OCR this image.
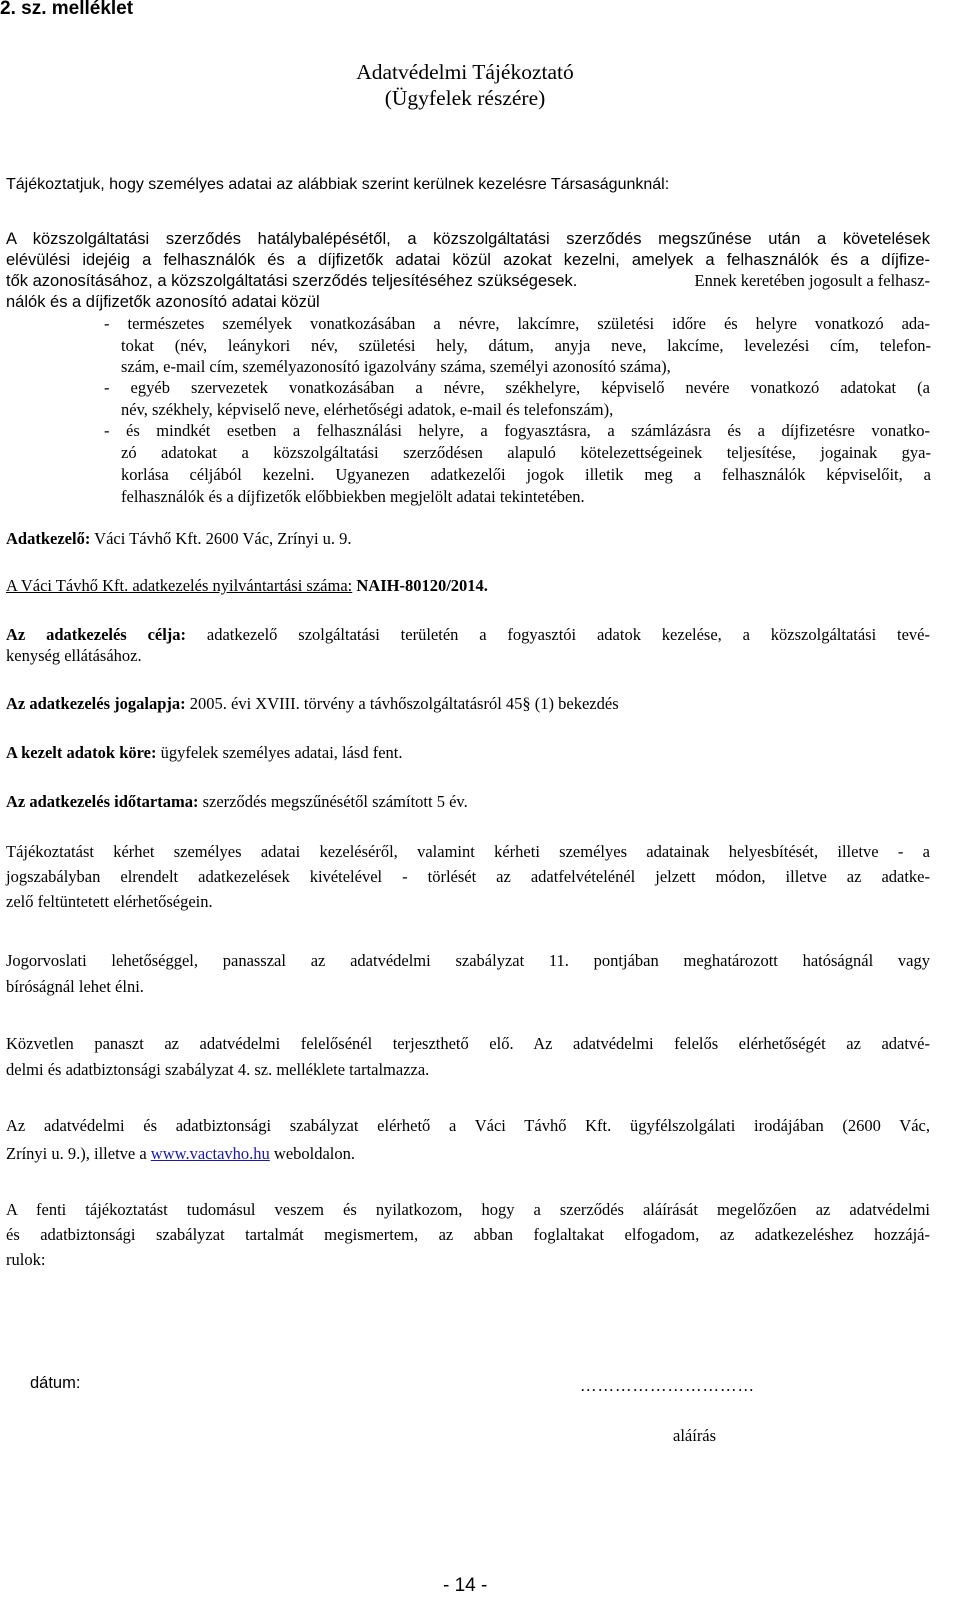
2. sz. melléklet
Adatvédelmi Tájékoztató
(Ügyfelek részére)
Tájékoztatjuk, hogy személyes adatai az alábbiak szerint kerülnek kezelésre Társaságunknál:
A közszolgáltatási szerződés hatálybalépésétől, a közszolgáltatási szerződés megszűnése után a követelések
elévülési idejéig a felhasználók és a díjfizetők adatai közül azokat kezelni, amelyek a felhasználók és a díjfize-
tők azonosításához, a közszolgáltatási szerződés teljesítéséhez szükségesek.	Ennek keretében jogosult a felhasz-
nálók és a díjfizetők azonosító adatai közül
- természetes személyek vonatkozásában a névre, lakcímre, születési időre és helyre vonatkozó ada-
tokat (név, leánykori név, születési hely, dátum, anyja neve, lakcíme, levelezési cím, telefon-
szám, e-mail cím, személyazonosító igazolvány száma, személyi azonosító száma),
- egyéb szervezetek vonatkozásában a névre, székhelyre, képviselő nevére vonatkozó adatokat (a
név, székhely, képviselő neve, elérhetőségi adatok, e-mail és telefonszám),
- és mindkét esetben a felhasználási helyre, a fogyasztásra, a számlázásra és a díjfizetésre vonatko-
zó adatokat a közszolgáltatási szerződésen alapuló kötelezettségeinek teljesítése, jogainak gya-
korlása céljából kezelni. Ugyanezen adatkezelői jogok illetik meg a felhasználók képviselőit, a
felhasználók és a díjfizetők előbbiekben megjelölt adatai tekintetében.
Adatkezelő: Váci Távhő Kft. 2600 Vác, Zrínyi u. 9.
A Váci Távhő Kft. adatkezelés nyilvántartási száma: NAIH-80120/2014.
Az adatkezelés célja: adatkezelő szolgáltatási területén a fogyasztói adatok kezelése, a közszolgáltatási tevé-
kenység ellátásához.
Az adatkezelés jogalapja: 2005. évi XVIII. törvény a távhőszolgáltatásról 45§ (1) bekezdés
A kezelt adatok köre: ügyfelek személyes adatai, lásd fent.
Az adatkezelés időtartama: szerződés megszűnésétől számított 5 év.
Tájékoztatást kérhet személyes adatai kezeléséről, valamint kérheti személyes adatainak helyesbítését, illetve - a
jogszabályban elrendelt adatkezelések kivételével - törlését az adatfelvételénél jelzett módon, illetve az adatke-
zelő feltüntetett elérhetőségein.
Jogorvoslati lehetőséggel, panasszal az adatvédelmi szabályzat 11. pontjában meghatározott hatóságnál vagy
bíróságnál lehet élni.
Közvetlen panaszt az adatvédelmi felelősénél terjeszthető elő. Az adatvédelmi felelős elérhetőségét az adatvé-
delmi és adatbiztonsági szabályzat 4. sz. melléklete tartalmazza.
Az adatvédelmi és adatbiztonsági szabályzat elérhető a Váci Távhő Kft. ügyfélszolgálati irodájában (2600 Vác,
Zrínyi u. 9.), illetve a www.vactavho.hu weboldalon.
A fenti tájékoztatást tudomásul veszem és nyilatkozom, hogy a szerződés aláírását megelőzően az adatvédelmi
és adatbiztonsági szabályzat tartalmát megismertem, az abban foglaltakat elfogadom, az adatkezeléshez hozzájá-
rulok:
dátum:	…………………………
aláírás
- 14 -
